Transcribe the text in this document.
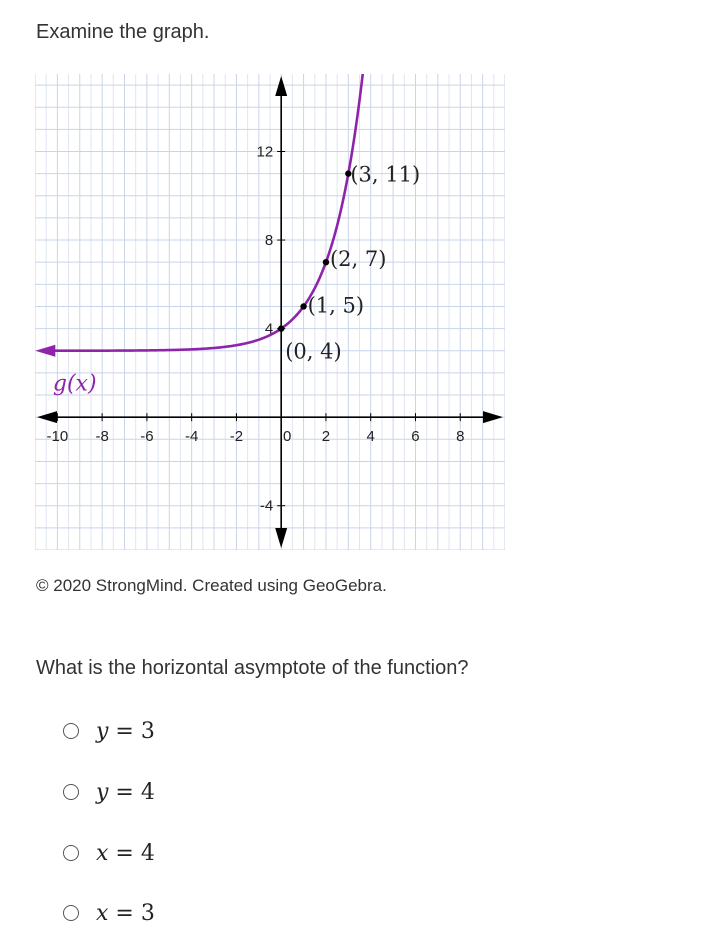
Examine the graph.
-10 -8 -6 -4 -2	0 2 4 6 8
12
8
4
-4
g(x)
(0, 4)
(1, 5)
(2, 7)
(3, 11)
© 2020 StrongMind. Created using GeoGebra.
What is the horizontal asymptote of the function?
y = 3
y = 4
x = 4
x = 3
